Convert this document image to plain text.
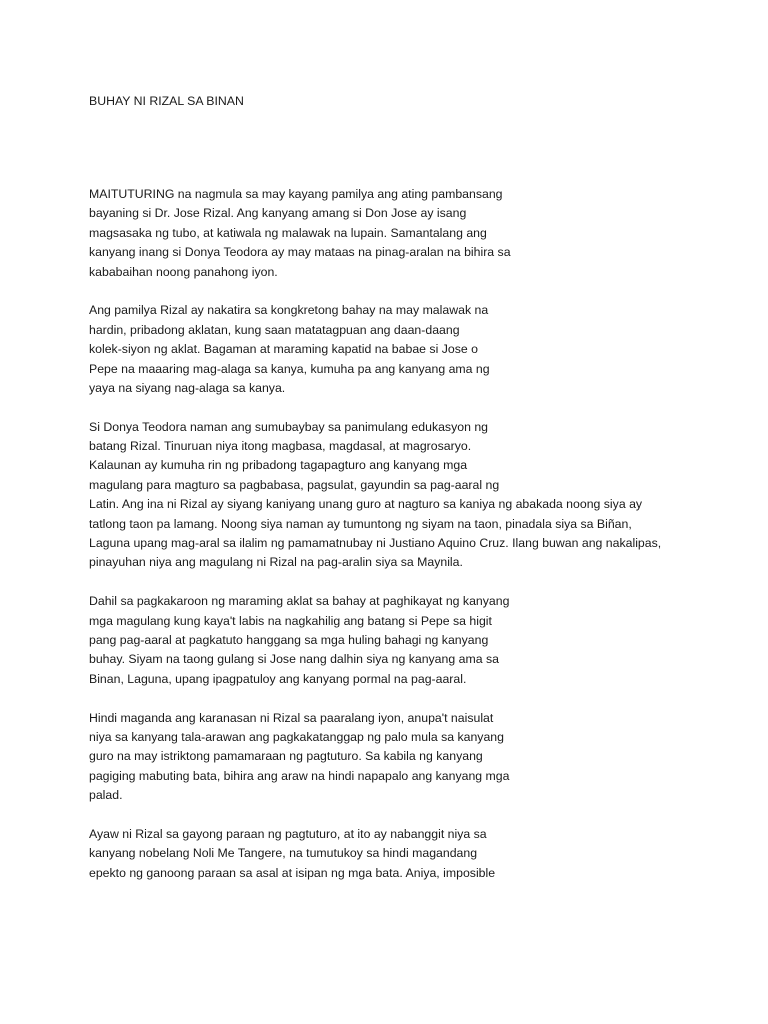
BUHAY NI RIZAL SA BINAN
MAITUTURING na nagmula sa may kayang pamilya ang ating pambansang
bayaning si Dr. Jose Rizal. Ang kanyang amang si Don Jose ay isang
magsasaka ng tubo, at katiwala ng malawak na lupain. Samantalang ang
kanyang inang si Donya Teodora ay may mataas na pinag-aralan na bihira sa
kababaihan noong panahong iyon.
Ang pamilya Rizal ay nakatira sa kongkretong bahay na may malawak na
hardin, pribadong aklatan, kung saan matatagpuan ang daan-daang
kolek-siyon ng aklat. Bagaman at maraming kapatid na babae si Jose o
Pepe na maaaring mag-alaga sa kanya, kumuha pa ang kanyang ama ng
yaya na siyang nag-alaga sa kanya.
Si Donya Teodora naman ang sumubaybay sa panimulang edukasyon ng
batang Rizal. Tinuruan niya itong magbasa, magdasal, at magrosaryo.
Kalaunan ay kumuha rin ng pribadong tagapagturo ang kanyang mga
magulang para magturo sa pagbabasa, pagsulat, gayundin sa pag-aaral ng
Latin. Ang ina ni Rizal ay siyang kaniyang unang guro at nagturo sa kaniya ng abakada noong siya ay
tatlong taon pa lamang. Noong siya naman ay tumuntong ng siyam na taon, pinadala siya sa Biñan,
Laguna upang mag-aral sa ilalim ng pamamatnubay ni Justiano Aquino Cruz. Ilang buwan ang nakalipas,
pinayuhan niya ang magulang ni Rizal na pag-aralin siya sa Maynila.
Dahil sa pagkakaroon ng maraming aklat sa bahay at paghikayat ng kanyang
mga magulang kung kaya't labis na nagkahilig ang batang si Pepe sa higit
pang pag-aaral at pagkatuto hanggang sa mga huling bahagi ng kanyang
buhay. Siyam na taong gulang si Jose nang dalhin siya ng kanyang ama sa
Binan, Laguna, upang ipagpatuloy ang kanyang pormal na pag-aaral.
Hindi maganda ang karanasan ni Rizal sa paaralang iyon, anupa't naisulat
niya sa kanyang tala-arawan ang pagkakatanggap ng palo mula sa kanyang
guro na may istriktong pamamaraan ng pagtuturo. Sa kabila ng kanyang
pagiging mabuting bata, bihira ang araw na hindi napapalo ang kanyang mga
palad.
Ayaw ni Rizal sa gayong paraan ng pagtuturo, at ito ay nabanggit niya sa
kanyang nobelang Noli Me Tangere, na tumutukoy sa hindi magandang
epekto ng ganoong paraan sa asal at isipan ng mga bata. Aniya, imposible
